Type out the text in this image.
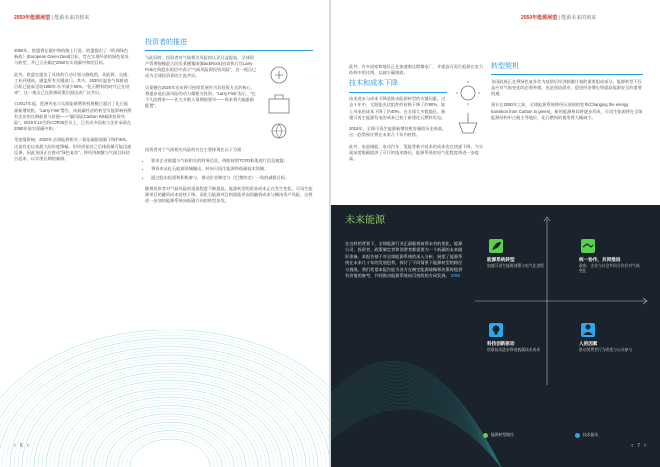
2050年能源展望 | 能源未来的到来

2050年，欧盟将在碳中和的路上行进。欧盟提出了《欧洲绿色新政》(European Green Deal)目标，旨在实现经济的绿色复苏与转型，并已立法确定2050年实现碳中和的目标。

此外，欧盟在提出了具体的行动计划与路线图，从能源、交通、工业到建筑，涵盖所有关键部门。其中，2030年温室气体排放目标已提高至较1990年水平减少55%。“化石燃料的时代正在结束”，这一观点已在欧洲政策层面达成广泛共识。

自2017年起，欧洲风电与太阳能新增装机规模已超过了化石能源新增装机。“Larry Fink”警告，向低碳经济的转型可能影响到所有企业的长期前景与价值——“碳风险(Carbon Risk)即投资风险”。2019年12月的COP25会议上，已有众多国家与企业承诺在2050年前实现碳中和。

受疫情影响，2020年全球能源相关二氧化碳排放量下降约6%。这是有史以来最大的年度降幅。但经济复苏之后排放量可能迅速反弹，因此各国正在推动“绿色复苏”，将经济刺激与气候目标结合起来，以实现长期的减排。

投资者的推进

与此同时，投资者对气候相关风险的认识日益提高。全球资产管理规模最大的贝莱德集团(BlackRock)首席执行官Larry Fink在致股东的信中表示“气候风险即投资风险”，这一观点已成为全球投资界的主流共识。

贝莱德在2020年宣布将可持续发展作为其投资方式的核心，将逐步退出高风险的动力煤相关投资。“Larry Fink”表示，“在不久的将来——比大多数人预期的要早——资本将大幅重新配置”。

投资者对于气候相关风险的关注主要体现在以下方面：

• 要求企业披露与气候相关的财务信息，例如按照TCFD框架进行信息披露；
• 将资本从化石能源领域撤出，转向可再生能源和低碳技术领域；
• 通过股东投票和积极参与，推动企业制定与《巴黎协定》一致的减排目标。

随着投资者对气候风险的重视程度不断提高，能源转型的资金成本正在发生变化。可再生能源项目的融资成本持续下降，而化石能源项目则面临更高的融资成本与搁浅资产风险，这将进一步加快能源系统向低碳方向的转型步伐。

‹ 6 ›
2050年能源展望 | 能源未来的到来

此外，许多国家和地区正在加速淘汰燃煤电厂，并提高可再生能源在电力结构中的比例，以减少碳排放。

技术和成本下降

技术进步与成本下降是推动能源转型的关键因素。过去十年中，太阳能光伏组件的价格下降了约90%，陆上风电的成本下降了约40%。在全球大多数地区，新建可再生能源发电的成本已低于新建化石燃料发电。

2019年，全球可再生能源新增装机容量创历史新高，这一趋势预计将在未来几十年内持续。

此外，电池储能、电动汽车、氢能等新兴技术的成本也在快速下降，为实现深度脱碳提供了可行的技术路径，能源系统的电气化程度将进一步提高。

转型契机

各国政府正在将绿色复苏作为疫情后经济刺激计划的重要组成部分。能源转型不仅是应对气候变化的必要举措，也是创造就业、促进经济增长和提高能源安全的重要机遇。

预计在2050年之前，全球能源系统将经历深刻的变革(Changing the energy transition from Carbon to green)，新的能源格局将逐步形成，可再生能源将在全球能源结构中占据主导地位，化石燃料的使用将大幅减少。

‹ 7 ›
未来能源
在这样的背景下，全球能源行业正面临着前所未有的变化。能源公司、投资者、政策制定者和消费者都需要为一个低碳的未来做好准备。本报告基于对全球能源系统的深入分析，展望了能源系统在未来几十年的发展趋势，探讨了不同情景下能源转型的路径与挑战。我们希望本报告能为各方在制定能源战略和决策时提供有价值的参考，共同推动能源系统向可持续的方向发展。 2050
能源系统转型
加速可再生能源部署与电气化进程
统一协作，共同推进
政府、企业与社会共同合作应对气候变化
科技创新驱动
依靠技术进步降低低碳技术成本
人的因素
推动消费者行为改变与公众参与
能源转型路径	技术驱动
